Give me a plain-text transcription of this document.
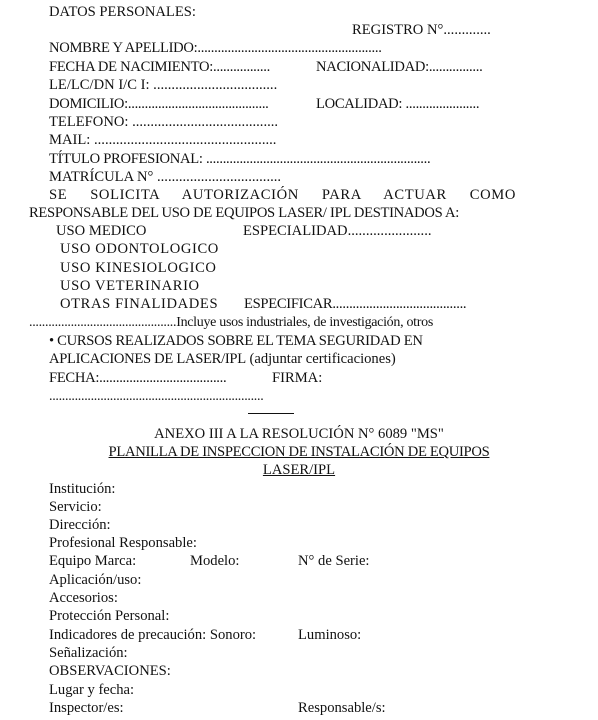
DATOS PERSONALES:
REGISTRO N°.............
NOMBRE Y APELLIDO:.......................................................
FECHA DE NACIMIENTO:.................	NACIONALIDAD:................
LE/LC/DN I/C I: ..................................
DOMICILIO:..........................................	LOCALIDAD: ......................
TELEFONO: ........................................
MAIL: ..................................................
TÍTULO PROFESIONAL: ...................................................................
MATRÍCULA N° ..................................
SE SOLICITA AUTORIZACIÓN PARA ACTUAR COMO
RESPONSABLE DEL USO DE EQUIPOS LASER/ IPL DESTINADOS A:
USO MEDICO	ESPECIALIDAD.......................
USO ODONTOLOGICO
USO KINESIOLOGICO
USO VETERINARIO
OTRAS FINALIDADES ESPECIFICAR........................................
..............................................Incluye usos industriales, de investigación, otros
• CURSOS REALIZADOS SOBRE EL TEMA SEGURIDAD EN
APLICACIONES DE LASER/IPL (adjuntar certificaciones)
FECHA:......................................	FIRMA:
...................................................................
ANEXO III A LA RESOLUCIÓN N° 6089 "MS"
PLANILLA DE INSPECCION DE INSTALACIÓN DE EQUIPOS
LASER/IPL
Institución:
Servicio:
Dirección:
Profesional Responsable:
Equipo Marca:	Modelo:	N° de Serie:
Aplicación/uso:
Accesorios:
Protección Personal:
Indicadores de precaución: Sonoro:	Luminoso:
Señalización:
OBSERVACIONES:
Lugar y fecha:
Inspector/es:	Responsable/s:
